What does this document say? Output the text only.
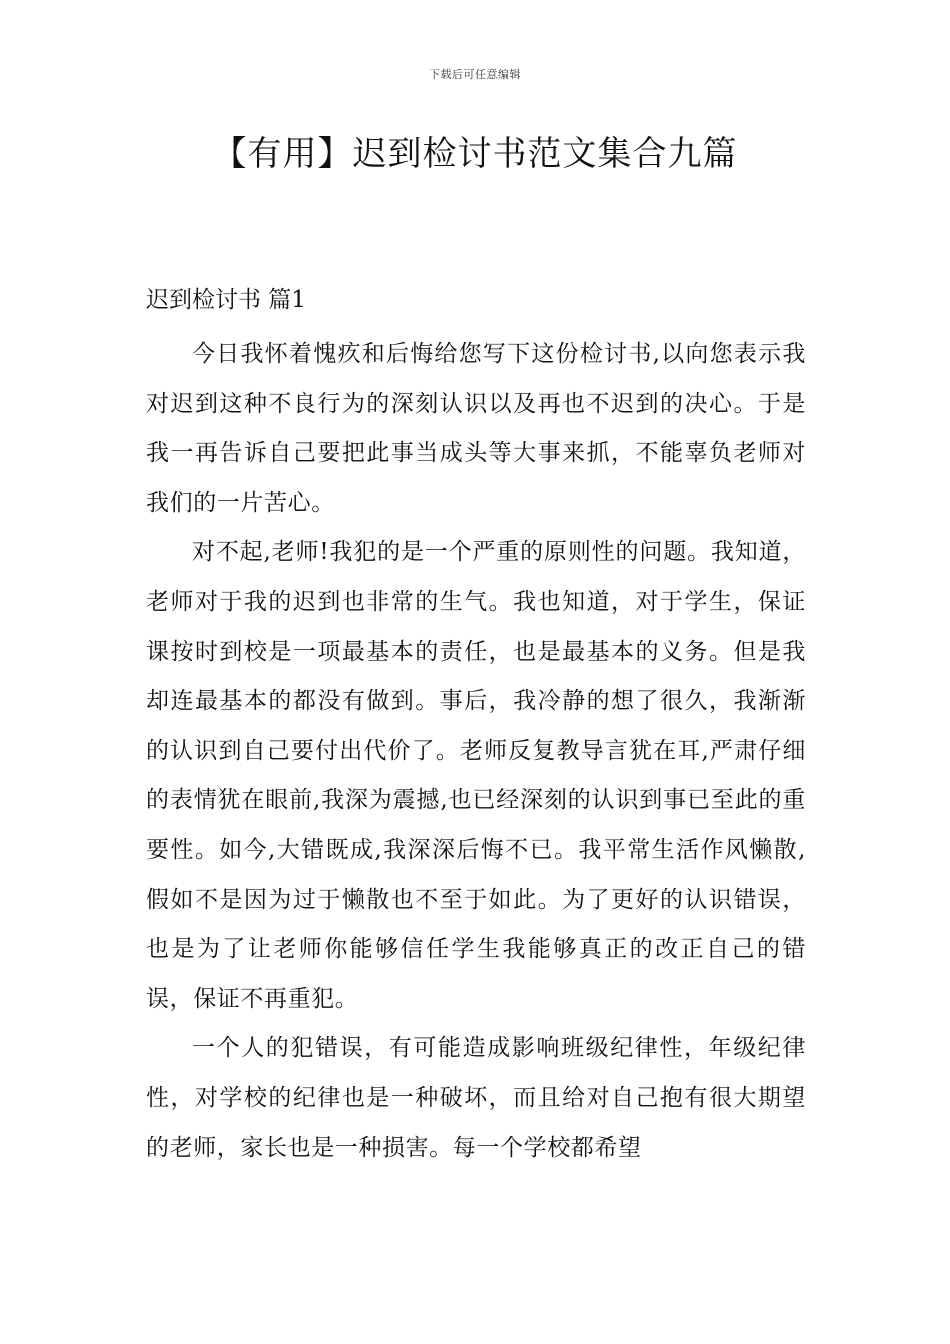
下载后可任意编辑
【有用】迟到检讨书范文集合九篇

迟到检讨书 篇1

今日我怀着愧疚和后悔给您写下这份检讨书,以向您表示我对迟到这种不良行为的深刻认识以及再也不迟到的决心。于是我一再告诉自己要把此事当成头等大事来抓，不能辜负老师对我们的一片苦心。

对不起,老师!我犯的是一个严重的原则性的问题。我知道，老师对于我的迟到也非常的生气。我也知道，对于学生，保证课按时到校是一项最基本的责任，也是最基本的义务。但是我却连最基本的都没有做到。事后，我冷静的想了很久，我渐渐的认识到自己要付出代价了。老师反复教导言犹在耳,严肃仔细的表情犹在眼前,我深为震撼,也已经深刻的认识到事已至此的重要性。如今,大错既成,我深深后悔不已。我平常生活作风懒散,假如不是因为过于懒散也不至于如此。为了更好的认识错误，也是为了让老师你能够信任学生我能够真正的改正自己的错误，保证不再重犯。

一个人的犯错误，有可能造成影响班级纪律性，年级纪律性，对学校的纪律也是一种破坏，而且给对自己抱有很大期望的老师，家长也是一种损害。每一个学校都希望
